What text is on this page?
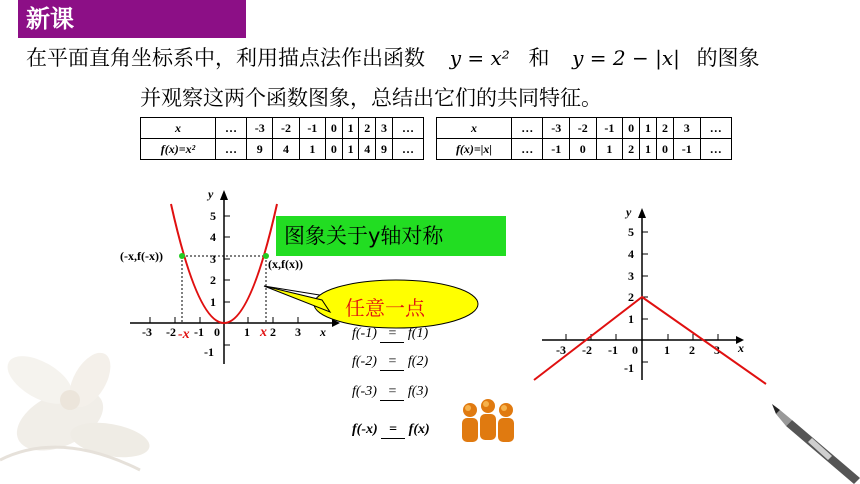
新课
在平面直角坐标系中，利用描点法作出函数 y = x² 和 y = 2 − |x| 的图象
并观察这两个函数图象，总结出它们的共同特征。
x	…	-3	-2	-1	0	1	2	3	…
f(x)=x²	…	9	4	1	0	1	4	9	…
x	…	-3	-2	-1	0	1	2	3	…
f(x)=|x|	…	-1	0	1	2	1	0	-1	…
y
x
5
4
3
2
1
-1
-3 -2 -1 0 1 2 3
-x	x
(-x,f(-x))
(x,f(x))
图象关于y轴对称
任意一点
f(-1) = f(1)
f(-2) = f(2)
f(-3) = f(3)
f(-x) = f(x)
y
x
5
4
3
2
1
-1
-3 -2 -1 0 1 2 3
